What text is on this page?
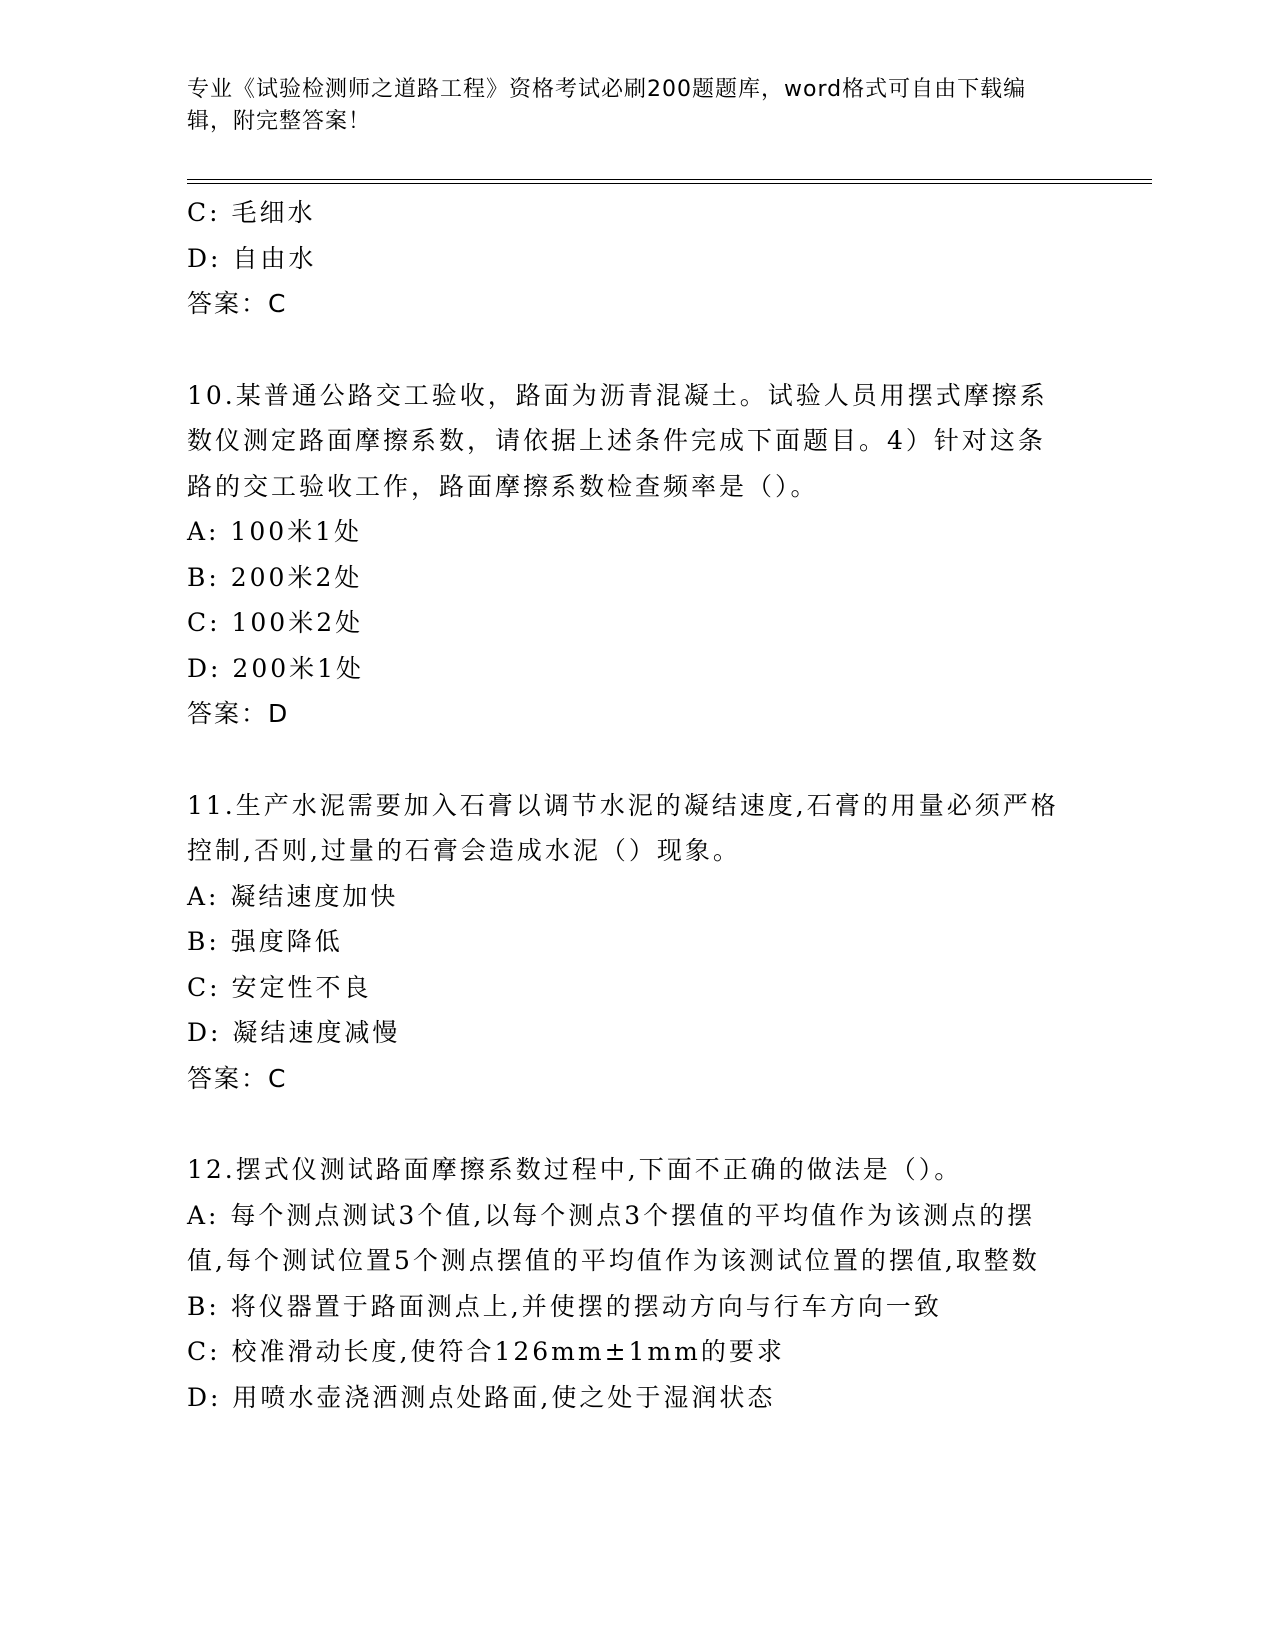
专业《试验检测师之道路工程》资格考试必刷200题题库，word格式可自由下载编辑，附完整答案！
C: 毛细水
D: 自由水
答案：C
10.某普通公路交工验收，路面为沥青混凝土。试验人员用摆式摩擦系数仪测定路面摩擦系数，请依据上述条件完成下面题目。4）针对这条路的交工验收工作，路面摩擦系数检查频率是（）。
A: 100米1处
B: 200米2处
C: 100米2处
D: 200米1处
答案：D
11.生产水泥需要加入石膏以调节水泥的凝结速度,石膏的用量必须严格控制,否则,过量的石膏会造成水泥（）现象。
A: 凝结速度加快
B: 强度降低
C: 安定性不良
D: 凝结速度减慢
答案：C
12.摆式仪测试路面摩擦系数过程中,下面不正确的做法是（）。
A: 每个测点测试3个值,以每个测点3个摆值的平均值作为该测点的摆值,每个测试位置5个测点摆值的平均值作为该测试位置的摆值,取整数
B: 将仪器置于路面测点上,并使摆的摆动方向与行车方向一致
C: 校准滑动长度,使符合126mm±1mm的要求
D: 用喷水壶浇洒测点处路面,使之处于湿润状态
